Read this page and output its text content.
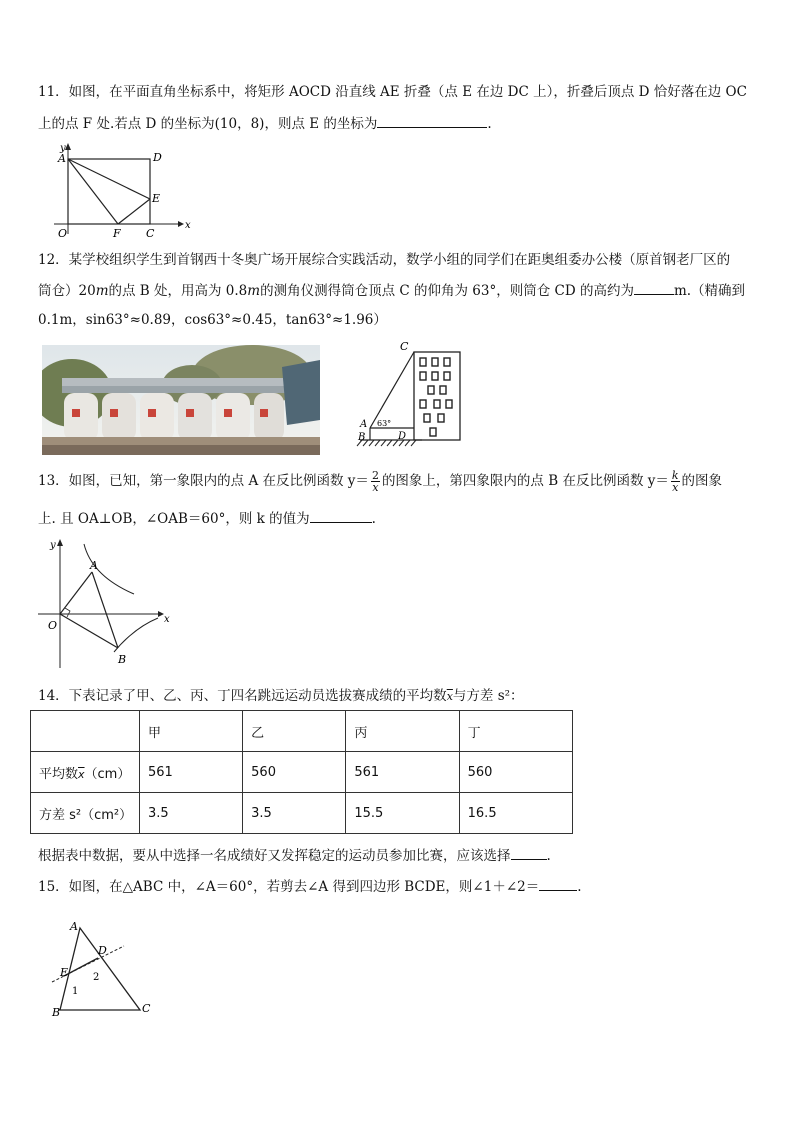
11．如图，在平面直角坐标系中，将矩形 AOCD 沿直线 AE 折叠（点 E 在边 DC 上），折叠后顶点 D 恰好落在边 OC
上的点 F 处.若点 D 的坐标为(10，8)，则点 E 的坐标为	.
y
x
A	D
E
O	F C
12．某学校组织学生到首钢西十冬奥广场开展综合实践活动，数学小组的同学们在距奥组委办公楼（原首钢老厂区的
筒仓）20m的点 B 处，用高为 0.8m的测角仪测得筒仓顶点 C 的仰角为 63°，则筒仓 CD 的高约为	m.（精确到
0.1m，sin63°≈0.89，cos63°≈0.45，tan63°≈1.96）
C
A
B	D
63°
13．如图，已知，第一象限内的点 A 在反比例函数 $y= \frac{2}{x}$ 的图象上，第四象限内的点 B 在反比例函数 $y= \frac{k}{x}$ 的图象
上. 且 OA⊥OB，∠OAB＝60°，则 k 的值为	.
y
x
A
O
B
14．下表记录了甲、乙、丙、丁四名跳远运动员选拔赛成绩的平均数$\overline{x}$与方差 s²：
	甲	乙	丙	丁
平均数$\overline{x}(cm)$	561	560	561	560
方差 s²（cm²）	3.5	3.5	15.5	16.5
根据表中数据，要从中选择一名成绩好又发挥稳定的运动员参加比赛，应该选择	.
15．如图，在△ABC 中，∠A＝60°，若剪去∠A 得到四边形 BCDE，则∠1＋∠2＝	.
A
D
E
1
2
B	C
